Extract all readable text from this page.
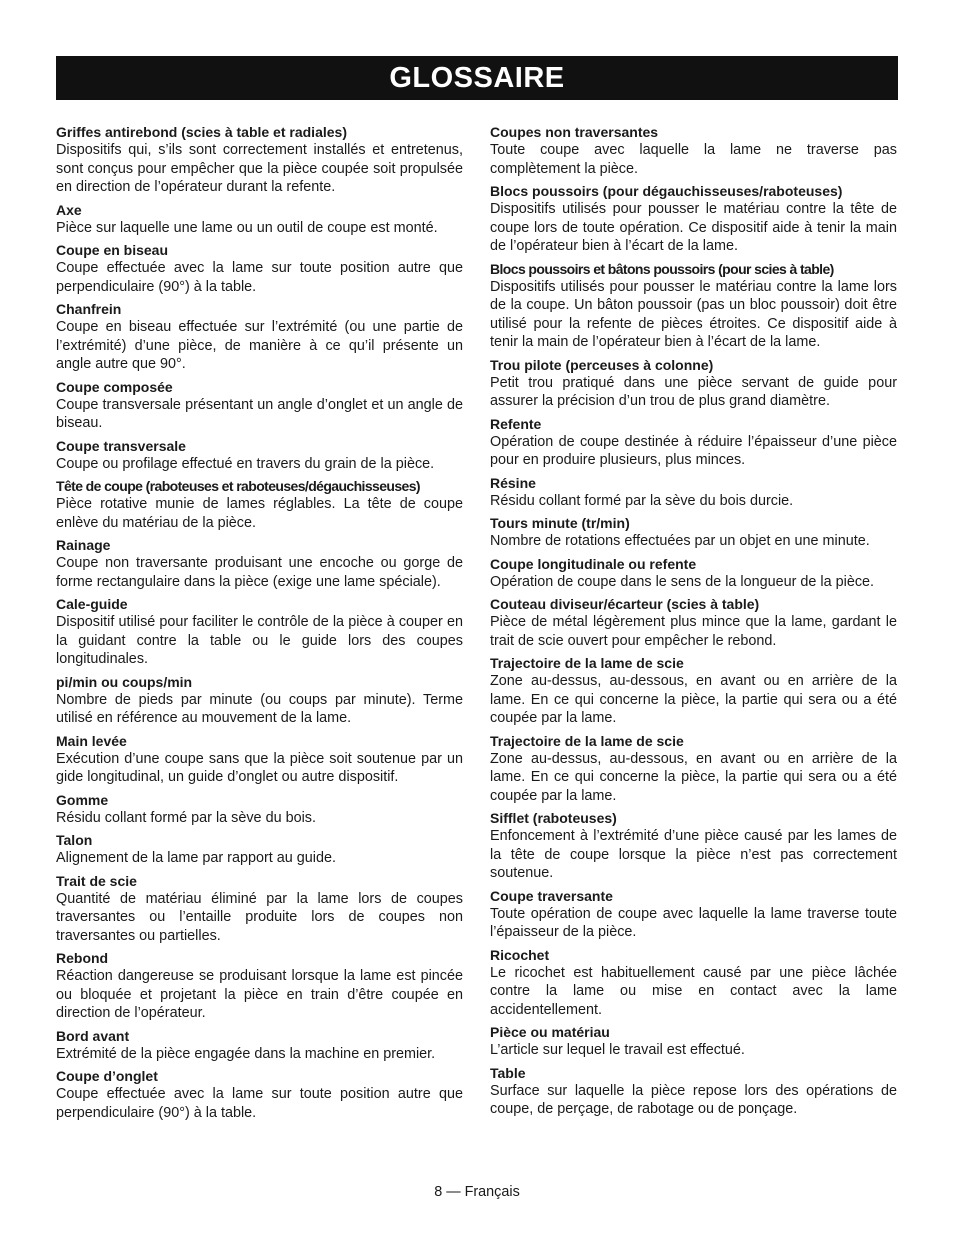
GLOSSAIRE
Griffes antirebond (scies à table et radiales)
Dispositifs qui, s’ils sont correctement installés et entretenus, sont conçus pour empêcher que la pièce coupée soit propulsée en direction de l’opérateur durant la refente.
Axe
Pièce sur laquelle une lame ou un outil de coupe est monté.
Coupe en biseau
Coupe effectuée avec la lame sur toute position autre que perpendiculaire (90°) à la table.
Chanfrein
Coupe en biseau effectuée sur l’extrémité (ou une partie de l’extrémité) d’une pièce, de manière à ce qu’il présente un angle autre que 90°.
Coupe composée
Coupe transversale présentant un angle d’onglet et un angle de biseau.
Coupe transversale
Coupe ou profilage effectué en travers du grain de la pièce.
Tête de coupe (raboteuses et raboteuses/dégauchisseuses)
Pièce rotative munie de lames réglables. La tête de coupe enlève du matériau de la pièce.
Rainage
Coupe non traversante produisant une encoche ou gorge de forme rectangulaire dans la pièce (exige une lame spéciale).
Cale-guide
Dispositif utilisé pour faciliter le contrôle de la pièce à couper en la guidant contre la table ou le guide lors des coupes longitudinales.
pi/min ou coups/min
Nombre de pieds par minute (ou coups par minute). Terme utilisé en référence au mouvement de la lame.
Main levée
Exécution d’une coupe sans que la pièce soit soutenue par un gide longitudinal, un guide d’onglet ou autre dispositif.
Gomme
Résidu collant formé par la sève du bois.
Talon
Alignement de la lame par rapport au guide.
Trait de scie
Quantité de matériau éliminé par la lame lors de coupes traversantes ou l’entaille produite lors de coupes non traversantes ou partielles.
Rebond
Réaction dangereuse se produisant lorsque la lame est pincée ou bloquée et projetant la pièce en train d’être coupée en direction de l’opérateur.
Bord avant
Extrémité de la pièce engagée dans la machine en premier.
Coupe d’onglet
Coupe effectuée avec la lame sur toute position autre que perpendiculaire (90°) à la table.
Coupes non traversantes
Toute coupe avec laquelle la lame ne traverse pas complètement la pièce.
Blocs poussoirs (pour dégauchisseuses/raboteuses)
Dispositifs utilisés pour pousser le matériau contre la tête de coupe lors de toute opération. Ce dispositif aide à tenir la main de l’opérateur bien à l’écart de la lame.
Blocs poussoirs et bâtons poussoirs (pour scies à table)
Dispositifs utilisés pour pousser le matériau contre la lame lors de la coupe. Un bâton poussoir (pas un bloc poussoir) doit être utilisé pour la refente de pièces étroites. Ce dispositif aide à tenir la main de l’opérateur bien à l’écart de la lame.
Trou pilote (perceuses à colonne)
Petit trou pratiqué dans une pièce servant de guide pour assurer la précision d’un trou de plus grand diamètre.
Refente
Opération de coupe destinée à réduire l’épaisseur d’une pièce pour en produire plusieurs, plus minces.
Résine
Résidu collant formé par la sève du bois durcie.
Tours minute (tr/min)
Nombre de rotations effectuées par un objet en une minute.
Coupe longitudinale ou refente
Opération de coupe dans le sens de la longueur de la pièce.
Couteau diviseur/écarteur (scies à table)
Pièce de métal légèrement plus mince que la lame, gardant le trait de scie ouvert pour empêcher le rebond.
Trajectoire de la lame de scie
Zone au-dessus, au-dessous, en avant ou en arrière de la lame. En ce qui concerne la pièce, la partie qui sera ou a été coupée par la lame.
Trajectoire de la lame de scie
Zone au-dessus, au-dessous, en avant ou en arrière de la lame. En ce qui concerne la pièce, la partie qui sera ou a été coupée par la lame.
Sifflet (raboteuses)
Enfoncement à l’extrémité d’une pièce causé par les lames de la tête de coupe lorsque la pièce n’est pas correctement soutenue.
Coupe traversante
Toute opération de coupe avec laquelle la lame traverse toute l’épaisseur de la pièce.
Ricochet
Le ricochet est habituellement causé par une pièce lâchée contre la lame ou mise en contact avec la lame accidentellement.
Pièce ou matériau
L’article sur lequel le travail est effectué.
Table
Surface sur laquelle la pièce repose lors des opérations de coupe, de perçage, de rabotage ou de ponçage.
8 — Français
